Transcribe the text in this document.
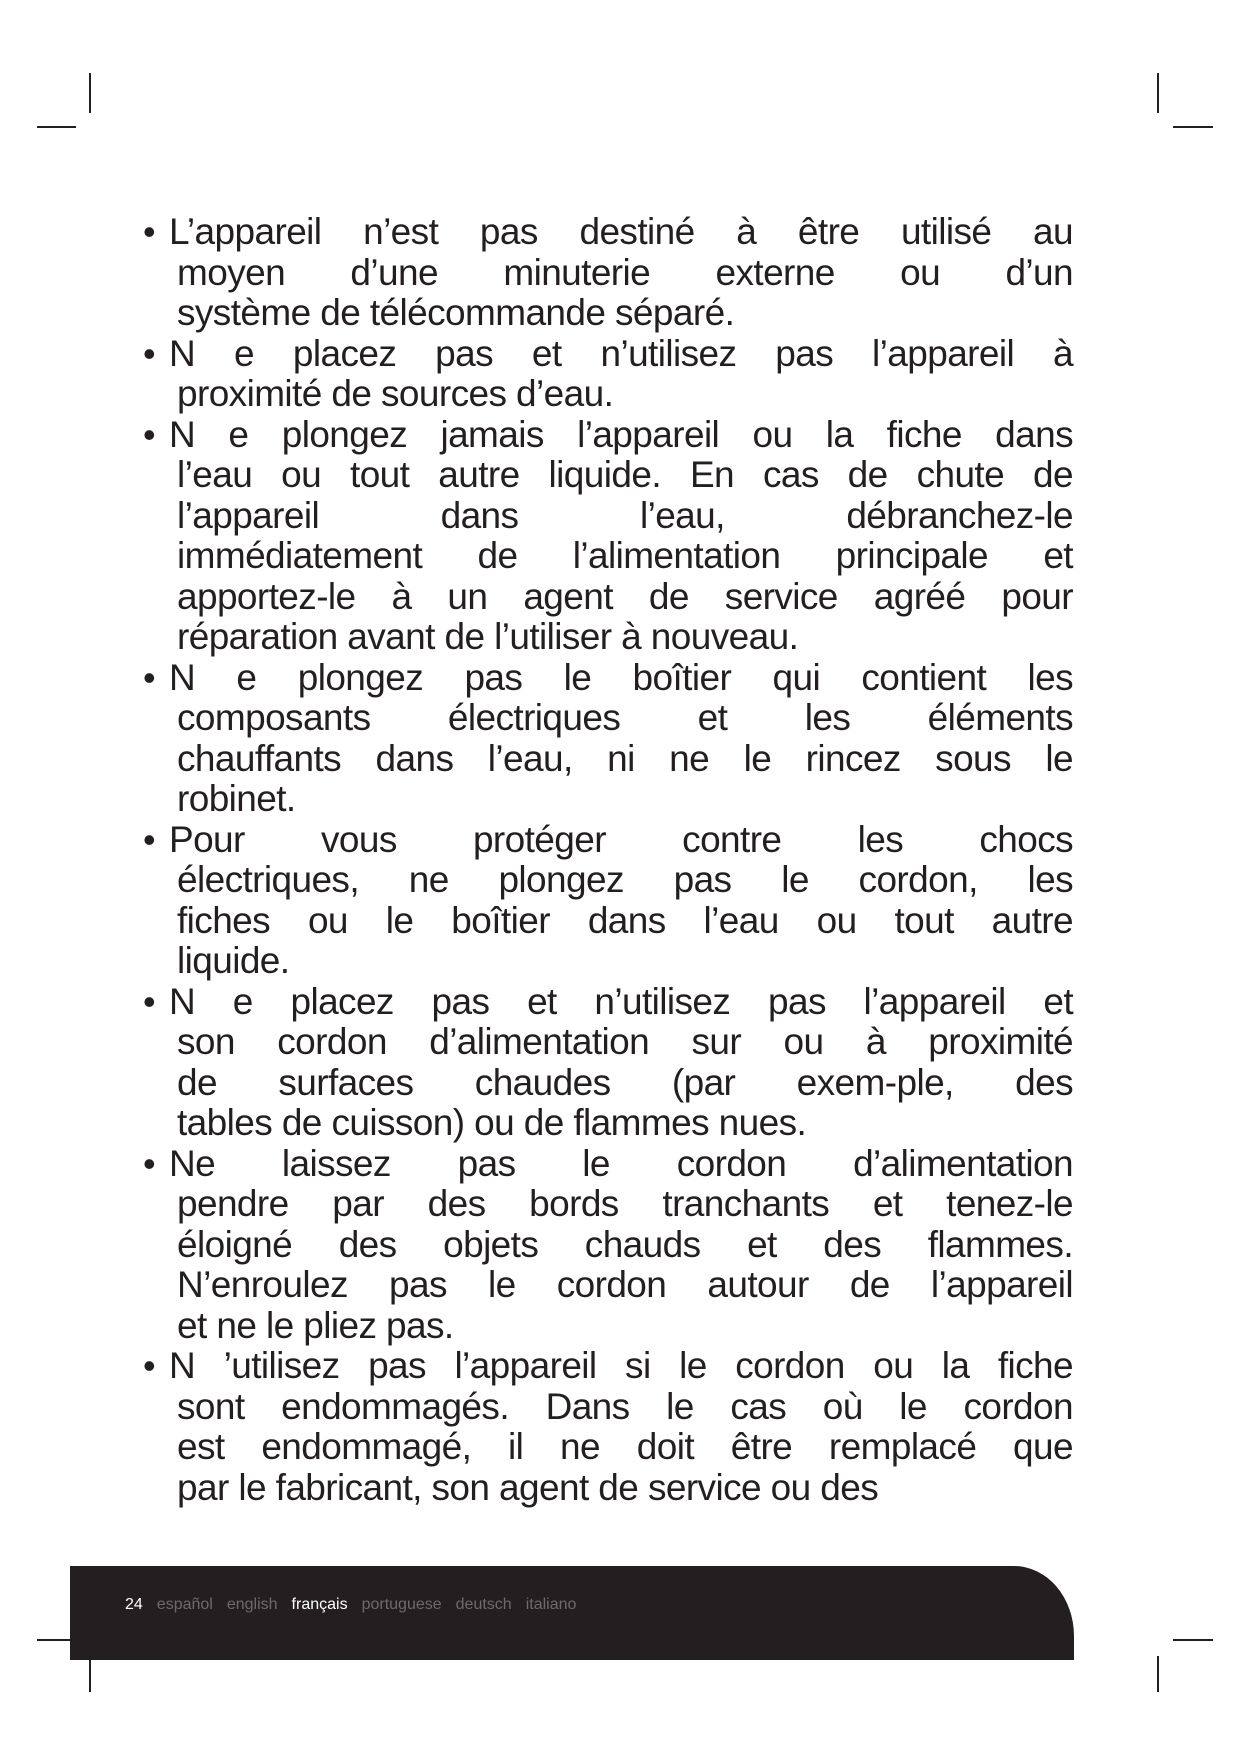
• L’appareil n’est pas destiné à être utilisé au
moyen d’une minuterie externe ou d’un
système de télécommande séparé.
• N e placez pas et n’utilisez pas l’appareil à
proximité de sources d’eau.
• N e plongez jamais l’appareil ou la fiche dans
l’eau ou tout autre liquide. En cas de chute de
l’appareil dans l’eau, débranchez-le
immédiatement de l’alimentation principale et
apportez-le à un agent de service agréé pour
réparation avant de l’utiliser à nouveau.
• N e plongez pas le boîtier qui contient les
composants électriques et les éléments
chauffants dans l’eau, ni ne le rincez sous le
robinet.
• Pour vous protéger contre les chocs
électriques, ne plongez pas le cordon, les
fiches ou le boîtier dans l’eau ou tout autre
liquide.
• N e placez pas et n’utilisez pas l’appareil et
son cordon d’alimentation sur ou à proximité
de surfaces chaudes (par exem-ple, des
tables de cuisson) ou de flammes nues.
• Ne laissez pas le cordon d’alimentation
pendre par des bords tranchants et tenez-le
éloigné des objets chauds et des flammes.
N’enroulez pas le cordon autour de l’appareil
et ne le pliez pas.
• N ’utilisez pas l’appareil si le cordon ou la fiche
sont endommagés. Dans le cas où le cordon
est endommagé, il ne doit être remplacé que
par le fabricant, son agent de service ou des
24 español english français portuguese deutsch italiano
